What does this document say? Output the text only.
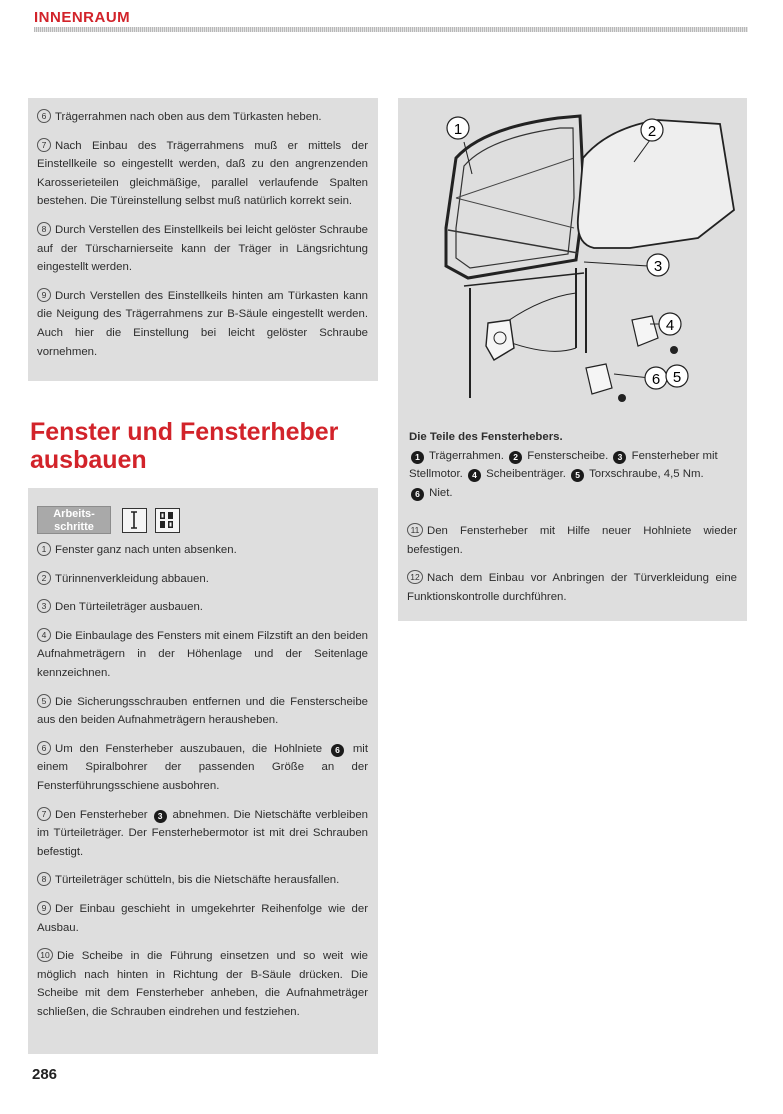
INNENRAUM

6 Trägerrahmen nach oben aus dem Türkasten heben.

7 Nach Einbau des Trägerrahmens muß er mittels der Einstellkeile so eingestellt werden, daß zu den angrenzenden Karosserieteilen gleichmäßige, parallel verlaufende Spalten bestehen. Die Türeinstellung selbst muß natürlich korrekt sein.

8 Durch Verstellen des Einstellkeils bei leicht gelöster Schraube auf der Türscharnierseite kann der Träger in Längsrichtung eingestellt werden.

9 Durch Verstellen des Einstellkeils hinten am Türkasten kann die Neigung des Trägerrahmens zur B-Säule eingestellt werden. Auch hier die Einstellung bei leicht gelöster Schraube vornehmen.

Fenster und Fensterheber ausbauen
Arbeits-
schritte

1 Fenster ganz nach unten absenken.

2 Türinnenverkleidung abbauen.

3 Den Türteileträger ausbauen.

4 Die Einbaulage des Fensters mit einem Filzstift an den beiden Aufnahmeträgern in der Höhenlage und der Seitenlage kennzeichnen.

5 Die Sicherungsschrauben entfernen und die Fensterscheibe aus den beiden Aufnahmeträgern herausheben.

6 Um den Fensterheber auszubauen, die Hohlniete 6 mit einem Spiralbohrer der passenden Größe an der Fensterführungsschiene ausbohren.

7 Den Fensterheber 3 abnehmen. Die Nietschäfte verbleiben im Türteileträger. Der Fensterhebermotor ist mit drei Schrauben befestigt.

8 Türteileträger schütteln, bis die Nietschäfte herausfallen.

9 Der Einbau geschieht in umgekehrter Reihenfolge wie der Ausbau.

10 Die Scheibe in die Führung einsetzen und so weit wie möglich nach hinten in Richtung der B-Säule drücken. Die Scheibe mit dem Fensterheber anheben, die Aufnahmeträger schließen, die Schrauben eindrehen und festziehen.

1	2
3
4
6 5
Die Teile des Fensterhebers.
1 Trägerrahmen. 2 Fensterscheibe. 3 Fensterheber mit Stellmotor. 4 Scheibenträger. 5 Torxschraube, 4,5 Nm.
6 Niet.

11 Den Fensterheber mit Hilfe neuer Hohlniete wieder befestigen.

12 Nach dem Einbau vor Anbringen der Türverkleidung eine Funktionskontrolle durchführen.

286
